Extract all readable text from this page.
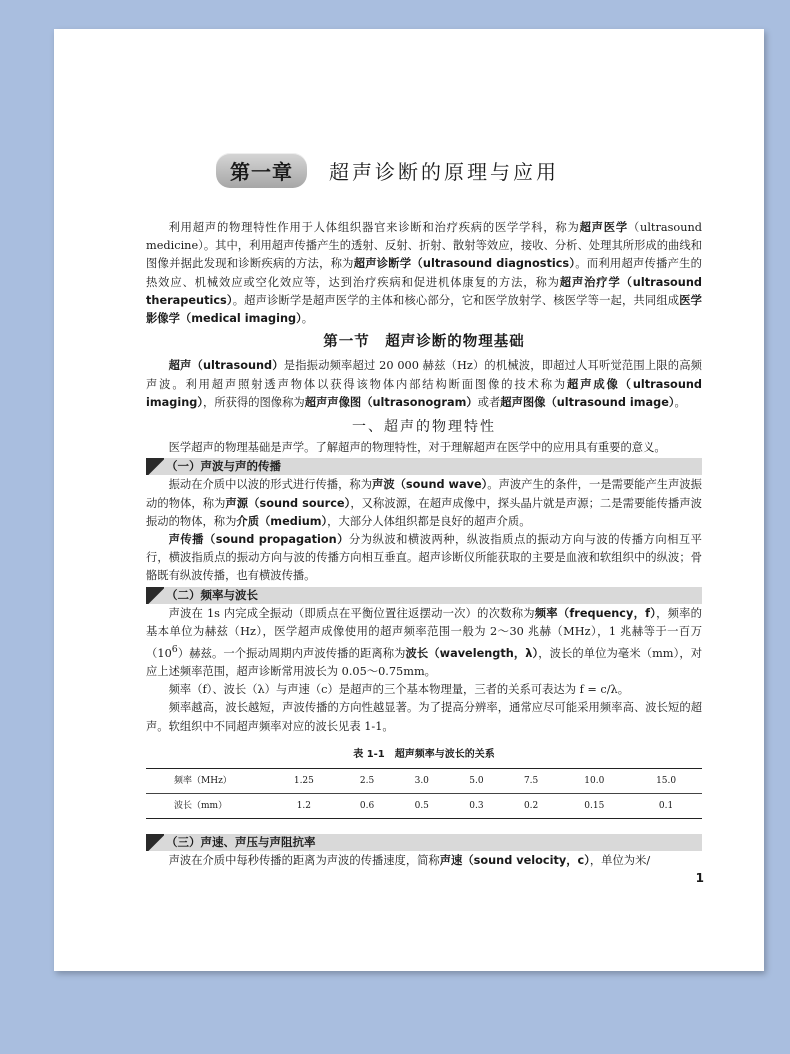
第一章	超声诊断的原理与应用

利用超声的物理特性作用于人体组织器官来诊断和治疗疾病的医学学科，称为超声医学（ultrasound medicine）。其中，利用超声传播产生的透射、反射、折射、散射等效应，接收、分析、处理其所形成的曲线和图像并据此发现和诊断疾病的方法，称为超声诊断学（ultrasound diagnostics）。而利用超声传播产生的热效应、机械效应或空化效应等，达到治疗疾病和促进机体康复的方法，称为超声治疗学（ultrasound therapeutics）。超声诊断学是超声医学的主体和核心部分，它和医学放射学、核医学等一起，共同组成医学影像学（medical imaging）。

第一节　超声诊断的物理基础

超声（ultrasound）是指振动频率超过 20 000 赫兹（Hz）的机械波，即超过人耳听觉范围上限的高频声波。利用超声照射透声物体以获得该物体内部结构断面图像的技术称为超声成像（ultrasound imaging），所获得的图像称为超声声像图（ultrasonogram）或者超声图像（ultrasound image）。

一、超声的物理特性

医学超声的物理基础是声学。了解超声的物理特性，对于理解超声在医学中的应用具有重要的意义。

（一）声波与声的传播

振动在介质中以波的形式进行传播，称为声波（sound wave）。声波产生的条件，一是需要能产生声波振动的物体，称为声源（sound source），又称波源，在超声成像中，探头晶片就是声源；二是需要能传播声波振动的物体，称为介质（medium），大部分人体组织都是良好的超声介质。

声传播（sound propagation）分为纵波和横波两种，纵波指质点的振动方向与波的传播方向相互平行，横波指质点的振动方向与波的传播方向相互垂直。超声诊断仪所能获取的主要是血液和软组织中的纵波；骨骼既有纵波传播，也有横波传播。

（二）频率与波长

声波在 1s 内完成全振动（即质点在平衡位置往返摆动一次）的次数称为频率（frequency，f），频率的基本单位为赫兹（Hz），医学超声成像使用的超声频率范围一般为 2～30 兆赫（MHz），1 兆赫等于一百万$(10^6)$赫兹。一个振动周期内声波传播的距离称为波长（wavelength，λ），波长的单位为毫米（mm），对应上述频率范围，超声诊断常用波长为 0.05～0.75mm。

频率（f）、波长（λ）与声速（c）是超声的三个基本物理量，三者的关系可表达为 f = c/λ。

频率越高，波长越短，声波传播的方向性越显著。为了提高分辨率，通常应尽可能采用频率高、波长短的超声。软组织中不同超声频率对应的波长见表 1-1。

表 1-1　超声频率与波长的关系
频率（MHz）	1.25	2.5	3.0	5.0	7.5	10.0	15.0
波长（mm）	1.2	0.6	0.5	0.3	0.2	0.15	0.1
（三）声速、声压与声阻抗率

声波在介质中每秒传播的距离为声波的传播速度，简称声速（sound velocity，c），单位为米/

1
